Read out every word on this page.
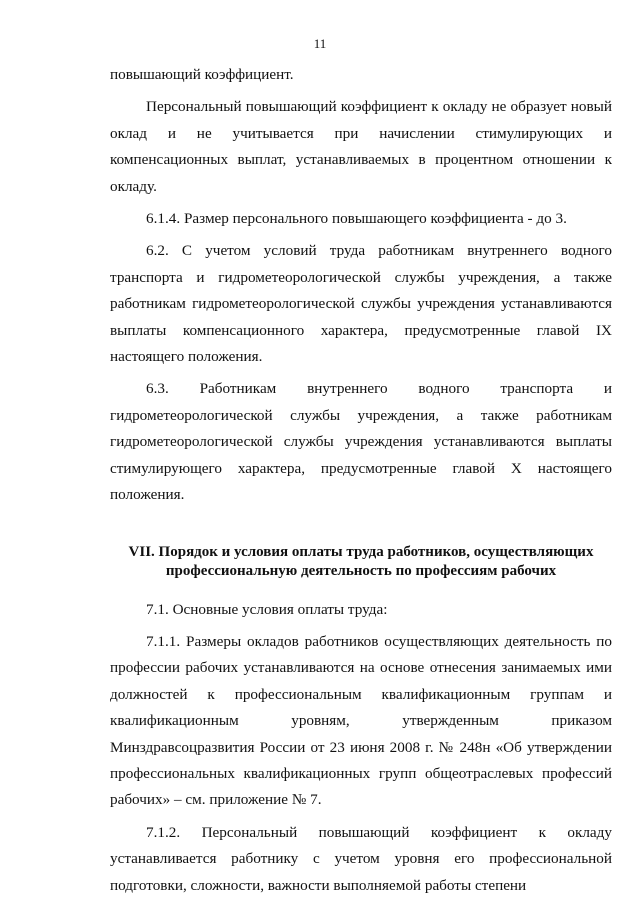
11

повышающий коэффициент.

Персональный повышающий коэффициент к окладу не образует новый оклад и не учитывается при начислении стимулирующих и компенсационных выплат, устанавливаемых в процентном отношении к окладу.

6.1.4. Размер персонального повышающего коэффициента - до 3.

6.2. С учетом условий труда работникам внутреннего водного транспорта и гидрометеорологической службы учреждения, а также работникам гидрометеорологической службы учреждения устанавливаются выплаты компенсационного характера, предусмотренные главой IX настоящего положения.

6.3. Работникам внутреннего водного транспорта и гидрометеорологической службы учреждения, а также работникам гидрометеорологической службы учреждения устанавливаются выплаты стимулирующего характера, предусмотренные главой X настоящего положения.

VII. Порядок и условия оплаты труда работников, осуществляющих
профессиональную деятельность по профессиям рабочих

7.1. Основные условия оплаты труда:

7.1.1. Размеры окладов работников осуществляющих деятельность по профессии рабочих устанавливаются на основе отнесения занимаемых ими должностей к профессиональным квалификационным группам и квалификационным уровням, утвержденным приказом Минздравсоцразвития России от 23 июня 2008 г. № 248н «Об утверждении профессиональных квалификационных групп общеотраслевых профессий рабочих» – см. приложение № 7.

7.1.2. Персональный повышающий коэффициент к окладу устанавливается работнику с учетом уровня его профессиональной подготовки, сложности, важности выполняемой работы степени
